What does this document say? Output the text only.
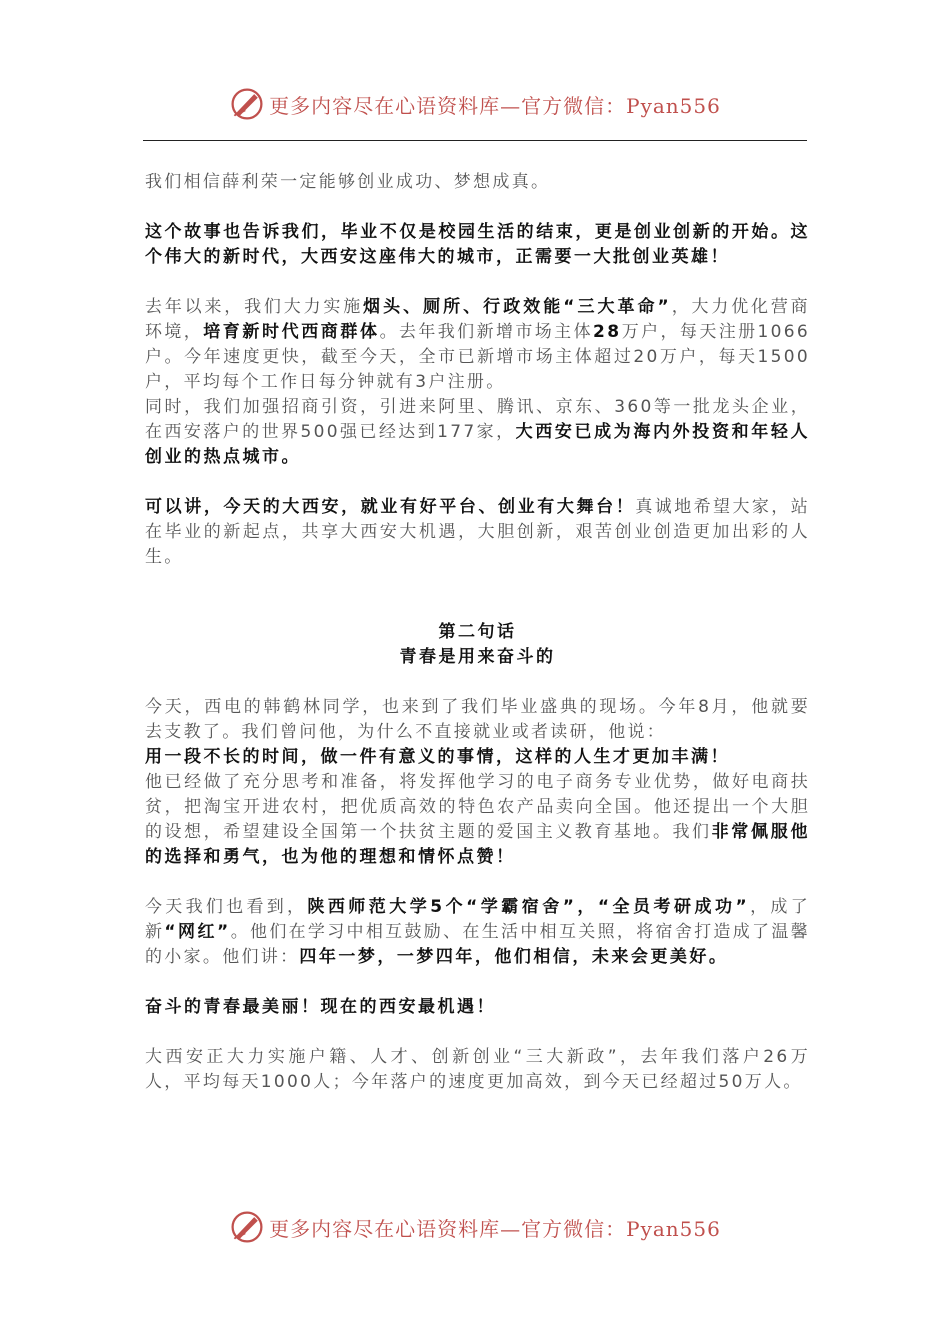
更多内容尽在心语资料库—官方微信：Pyan556

我们相信薛利荣一定能够创业成功、梦想成真。

这个故事也告诉我们，毕业不仅是校园生活的结束，更是创业创新的开始。这个伟大的新时代，大西安这座伟大的城市，正需要一大批创业英雄！

去年以来，我们大力实施烟头、厕所、行政效能“三大革命”，大力优化营商环境，培育新时代西商群体。去年我们新增市场主体28万户，每天注册1066户。今年速度更快，截至今天，全市已新增市场主体超过20万户，每天1500户，平均每个工作日每分钟就有3户注册。

同时，我们加强招商引资，引进来阿里、腾讯、京东、360等一批龙头企业，在西安落户的世界500强已经达到177家，大西安已成为海内外投资和年轻人创业的热点城市。

可以讲，今天的大西安，就业有好平台、创业有大舞台！真诚地希望大家，站在毕业的新起点，共享大西安大机遇，大胆创新，艰苦创业创造更加出彩的人生。

第二句话

青春是用来奋斗的

今天，西电的韩鹤林同学，也来到了我们毕业盛典的现场。今年8月，他就要去支教了。我们曾问他，为什么不直接就业或者读研，他说：

用一段不长的时间，做一件有意义的事情，这样的人生才更加丰满！

他已经做了充分思考和准备，将发挥他学习的电子商务专业优势，做好电商扶贫，把淘宝开进农村，把优质高效的特色农产品卖向全国。他还提出一个大胆的设想，希望建设全国第一个扶贫主题的爱国主义教育基地。我们非常佩服他的选择和勇气，也为他的理想和情怀点赞！

今天我们也看到，陕西师范大学5个“学霸宿舍”，“全员考研成功”，成了新“网红”。他们在学习中相互鼓励、在生活中相互关照，将宿舍打造成了温馨的小家。他们讲：四年一梦，一梦四年，他们相信，未来会更美好。

奋斗的青春最美丽！现在的西安最机遇！

大西安正大力实施户籍、人才、创新创业“三大新政”，去年我们落户26万人，平均每天1000人；今年落户的速度更加高效，到今天已经超过50万人。

更多内容尽在心语资料库—官方微信：Pyan556
